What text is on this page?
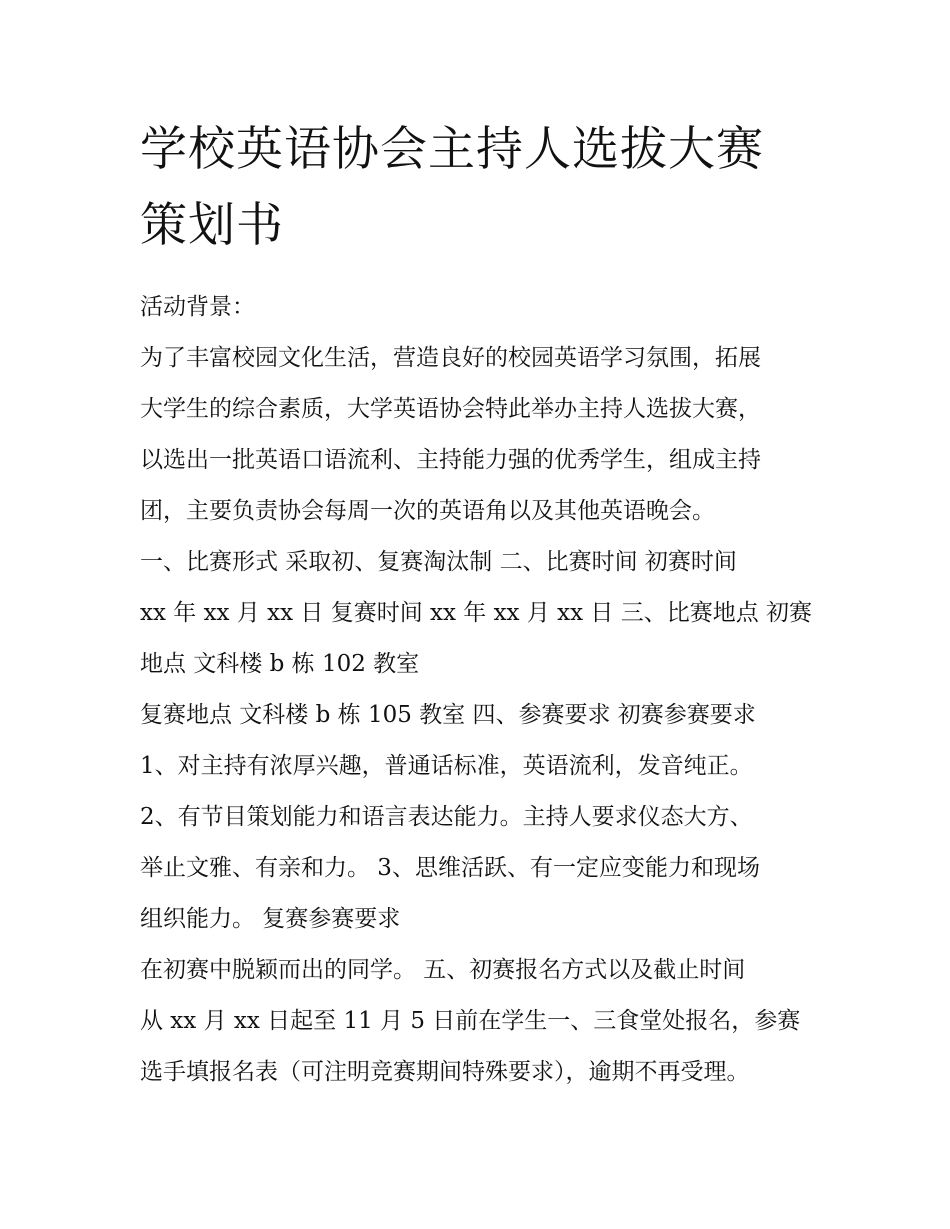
学校英语协会主持人选拔大赛
策划书
活动背景：
为了丰富校园文化生活，营造良好的校园英语学习氛围，拓展
大学生的综合素质，大学英语协会特此举办主持人选拔大赛，
以选出一批英语口语流利、主持能力强的优秀学生，组成主持
团，主要负责协会每周一次的英语角以及其他英语晚会。
一、比赛形式 采取初、复赛淘汰制 二、比赛时间 初赛时间
xx 年 xx 月 xx 日 复赛时间 xx 年 xx 月 xx 日 三、比赛地点 初赛
地点 文科楼 b 栋 102 教室
复赛地点 文科楼 b 栋 105 教室 四、参赛要求 初赛参赛要求
1、对主持有浓厚兴趣，普通话标准，英语流利，发音纯正。
2、有节目策划能力和语言表达能力。主持人要求仪态大方、
举止文雅、有亲和力。 3、思维活跃、有一定应变能力和现场
组织能力。 复赛参赛要求
在初赛中脱颖而出的同学。 五、初赛报名方式以及截止时间
从 xx 月 xx 日起至 11 月 5 日前在学生一、三食堂处报名，参赛
选手填报名表（可注明竞赛期间特殊要求），逾期不再受理。
